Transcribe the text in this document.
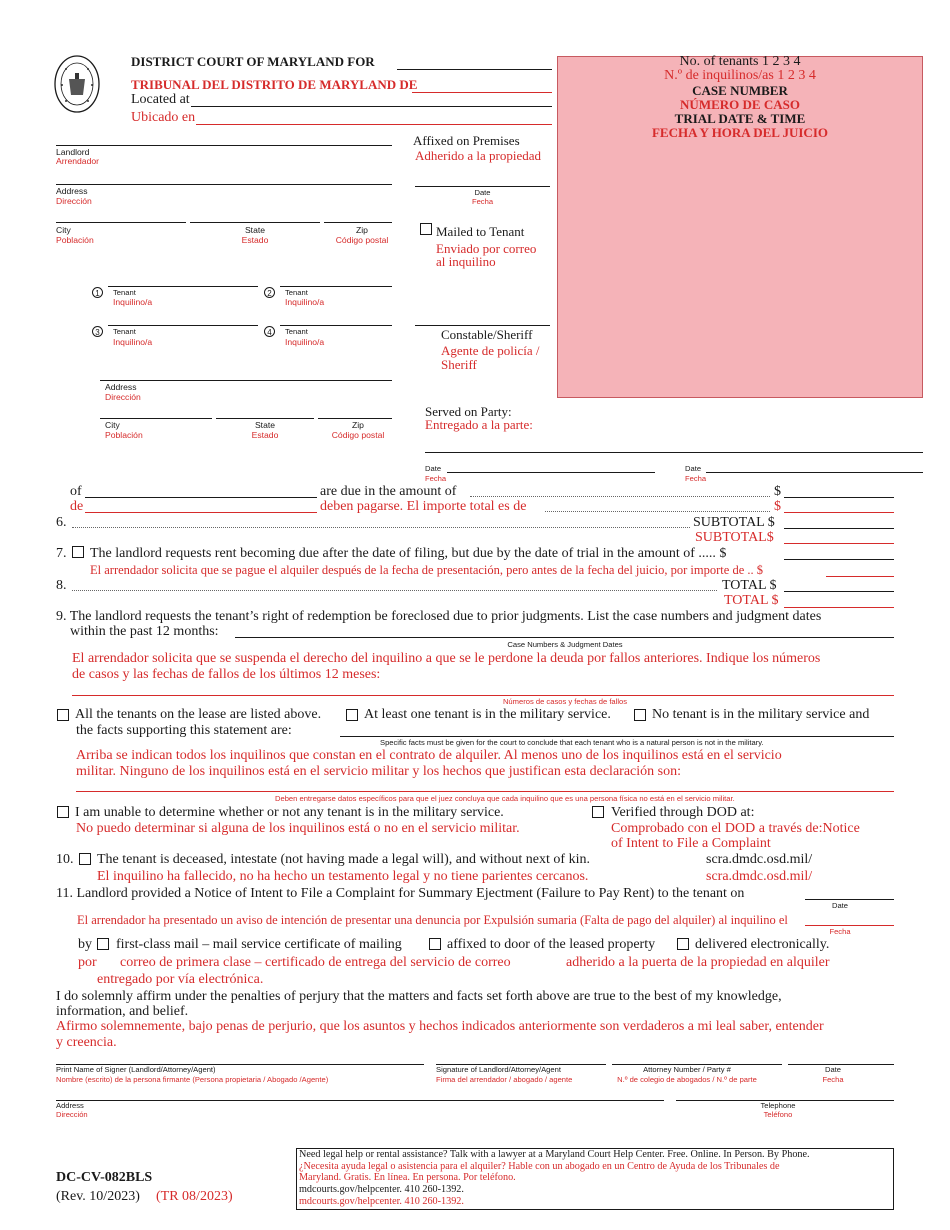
DISTRICT COURT OF MARYLAND FOR
TRIBUNAL DEL DISTRITO DE MARYLAND DE
Located at
Ubicado en
No. of tenants 1 2 3 4
N.º de inquilinos/as 1 2 3 4
CASE NUMBER
NÚMERO DE CASO
TRIAL DATE & TIME
FECHA Y HORA DEL JUICIO
Landlord
Arrendador
Address
Dirección
City
Población
State
Estado
Zip
Código postal
1	Tenant
Inquilino/a
2	Tenant
Inquilino/a
3	Tenant
Inquilino/a
4	Tenant
Inquilino/a
Address
Dirección
City
Población
State
Estado
Zip
Código postal
Affixed on Premises
Adherido a la propiedad
Date
Fecha
Mailed to Tenant
Enviado por correo
al inquilino
Constable/Sheriff
Agente de policía /
Sheriff
Served on Party:
Entregado a la parte:
Date
Fecha
Date
Fecha
of	are due in the amount of	$
de	deben pagarse. El importe total es de	$
6.	SUBTOTAL $
SUBTOTAL$
7. The landlord requests rent becoming due after the date of filing, but due by the date of trial in the amount of ..... $
El arrendador solicita que se pague el alquiler después de la fecha de presentación, pero antes de la fecha del juicio, por importe de .. $
8.	TOTAL $
TOTAL $
9. The landlord requests the tenant’s right of redemption be foreclosed due to prior judgments. List the case numbers and judgment dates
within the past 12 months:
Case Numbers & Judgment Dates
El arrendador solicita que se suspenda el derecho del inquilino a que se le perdone la deuda por fallos anteriores. Indique los números
de casos y las fechas de fallos de los últimos 12 meses:
Números de casos y fechas de fallos
All the tenants on the lease are listed above.	At least one tenant is in the military service.	No tenant is in the military service and
the facts supporting this statement are:
Specific facts must be given for the court to conclude that each tenant who is a natural person is not in the military.
Arriba se indican todos los inquilinos que constan en el contrato de alquiler. Al menos uno de los inquilinos está en el servicio
militar. Ninguno de los inquilinos está en el servicio militar y los hechos que justifican esta declaración son:
Deben entregarse datos específicos para que el juez concluya que cada inquilino que es una persona física no está en el servicio militar.
I am unable to determine whether or not any tenant is in the military service.
No puedo determinar si alguna de los inquilinos está o no en el servicio militar.
Verified through DOD at:
Comprobado con el DOD a través de:Notice
of Intent to File a Complaint
10. The tenant is deceased, intestate (not having made a legal will), and without next of kin.	scra.dmdc.osd.mil/
El inquilino ha fallecido, no ha hecho un testamento legal y no tiene parientes cercanos.	scra.dmdc.osd.mil/
11. Landlord provided a Notice of Intent to File a Complaint for Summary Ejectment (Failure to Pay Rent) to the tenant on
Date
El arrendador ha presentado un aviso de intención de presentar una denuncia por Expulsión sumaria (Falta de pago del alquiler) al inquilino el
Fecha
by first-class mail – mail service certificate of mailing	affixed to door of the leased property	delivered electronically.
por correo de primera clase – certificado de entrega del servicio de correo	adherido a la puerta de la propiedad en alquiler
entregado por vía electrónica.
I do solemnly affirm under the penalties of perjury that the matters and facts set forth above are true to the best of my knowledge,
information, and belief.
Afirmo solemnemente, bajo penas de perjurio, que los asuntos y hechos indicados anteriormente son verdaderos a mi leal saber, entender
y creencia.
Print Name of Signer (Landlord/Attorney/Agent)
Nombre (escrito) de la persona firmante (Persona propietaria / Abogado /Agente)
Signature of Landlord/Attorney/Agent
Firma del arrendador / abogado / agente
Attorney Number / Party #
N.º de colegio de abogados / N.º de parte
Date
Fecha
Address
Dirección
Telephone
Teléfono
DC-CV-082BLS
(Rev. 10/2023) (TR 08/2023)
Need legal help or rental assistance? Talk with a lawyer at a Maryland Court Help Center. Free. Online. In Person. By Phone.
¿Necesita ayuda legal o asistencia para el alquiler? Hable con un abogado en un Centro de Ayuda de los Tribunales de
Maryland. Gratis. En línea. En persona. Por teléfono.
mdcourts.gov/helpcenter. 410 260-1392.
mdcourts.gov/helpcenter. 410 260-1392.
